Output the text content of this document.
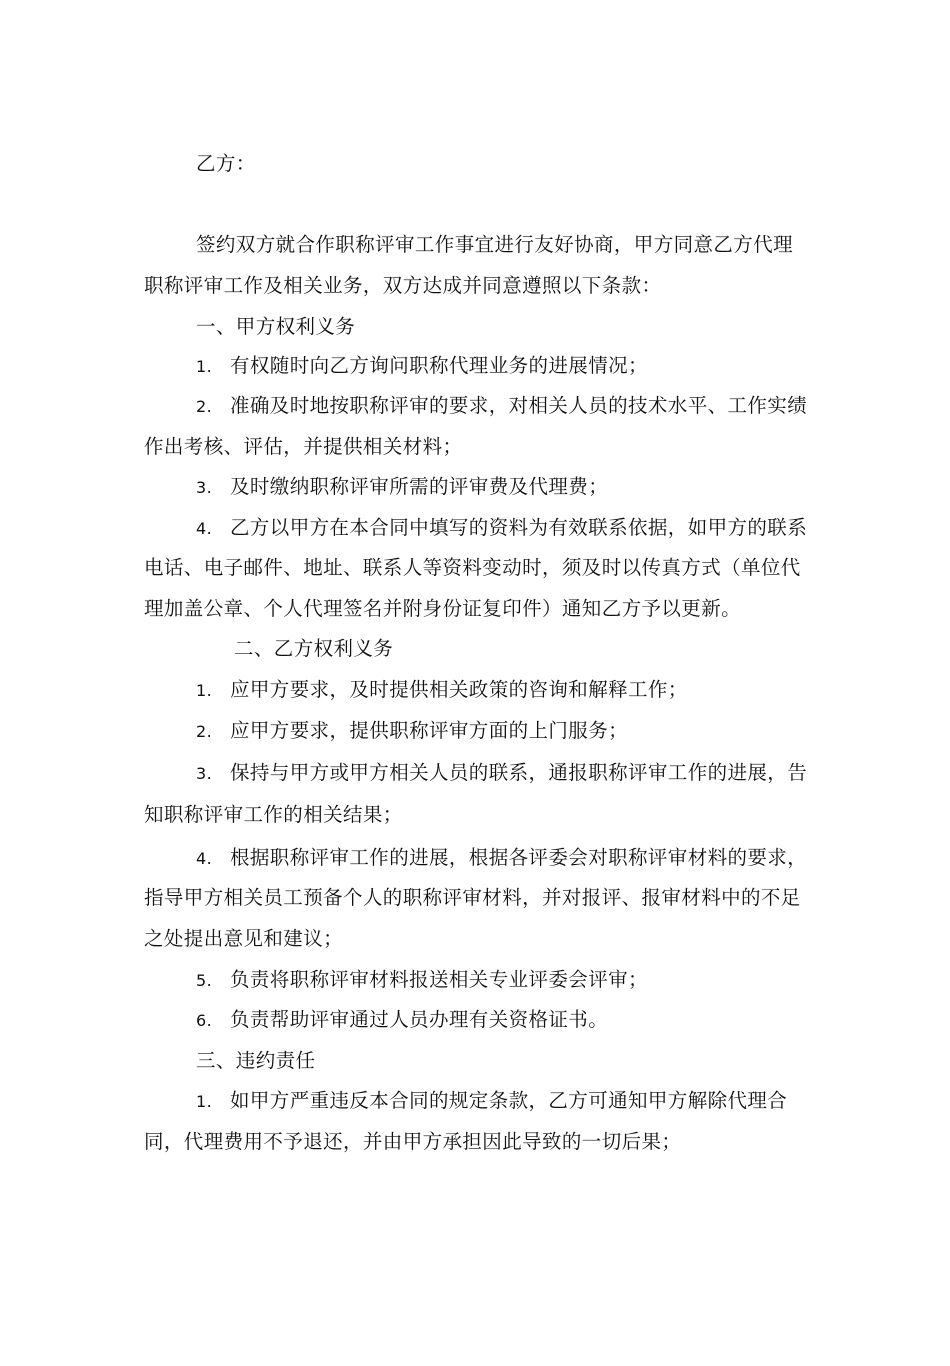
乙方：
签约双方就合作职称评审工作事宜进行友好协商，甲方同意乙方代理
职称评审工作及相关业务，双方达成并同意遵照以下条款：
一、甲方权利义务
1. 有权随时向乙方询问职称代理业务的进展情况；
2. 准确及时地按职称评审的要求，对相关人员的技术水平、工作实绩
作出考核、评估，并提供相关材料；
3. 及时缴纳职称评审所需的评审费及代理费；
4. 乙方以甲方在本合同中填写的资料为有效联系依据，如甲方的联系
电话、电子邮件、地址、联系人等资料变动时，须及时以传真方式（单位代
理加盖公章、个人代理签名并附身份证复印件）通知乙方予以更新。
二、乙方权利义务
1. 应甲方要求，及时提供相关政策的咨询和解释工作；
2. 应甲方要求，提供职称评审方面的上门服务；
3. 保持与甲方或甲方相关人员的联系，通报职称评审工作的进展，告
知职称评审工作的相关结果；
4. 根据职称评审工作的进展，根据各评委会对职称评审材料的要求，
指导甲方相关员工预备个人的职称评审材料，并对报评、报审材料中的不足
之处提出意见和建议；
5. 负责将职称评审材料报送相关专业评委会评审；
6. 负责帮助评审通过人员办理有关资格证书。
三、违约责任
1. 如甲方严重违反本合同的规定条款，乙方可通知甲方解除代理合
同，代理费用不予退还，并由甲方承担因此导致的一切后果；
